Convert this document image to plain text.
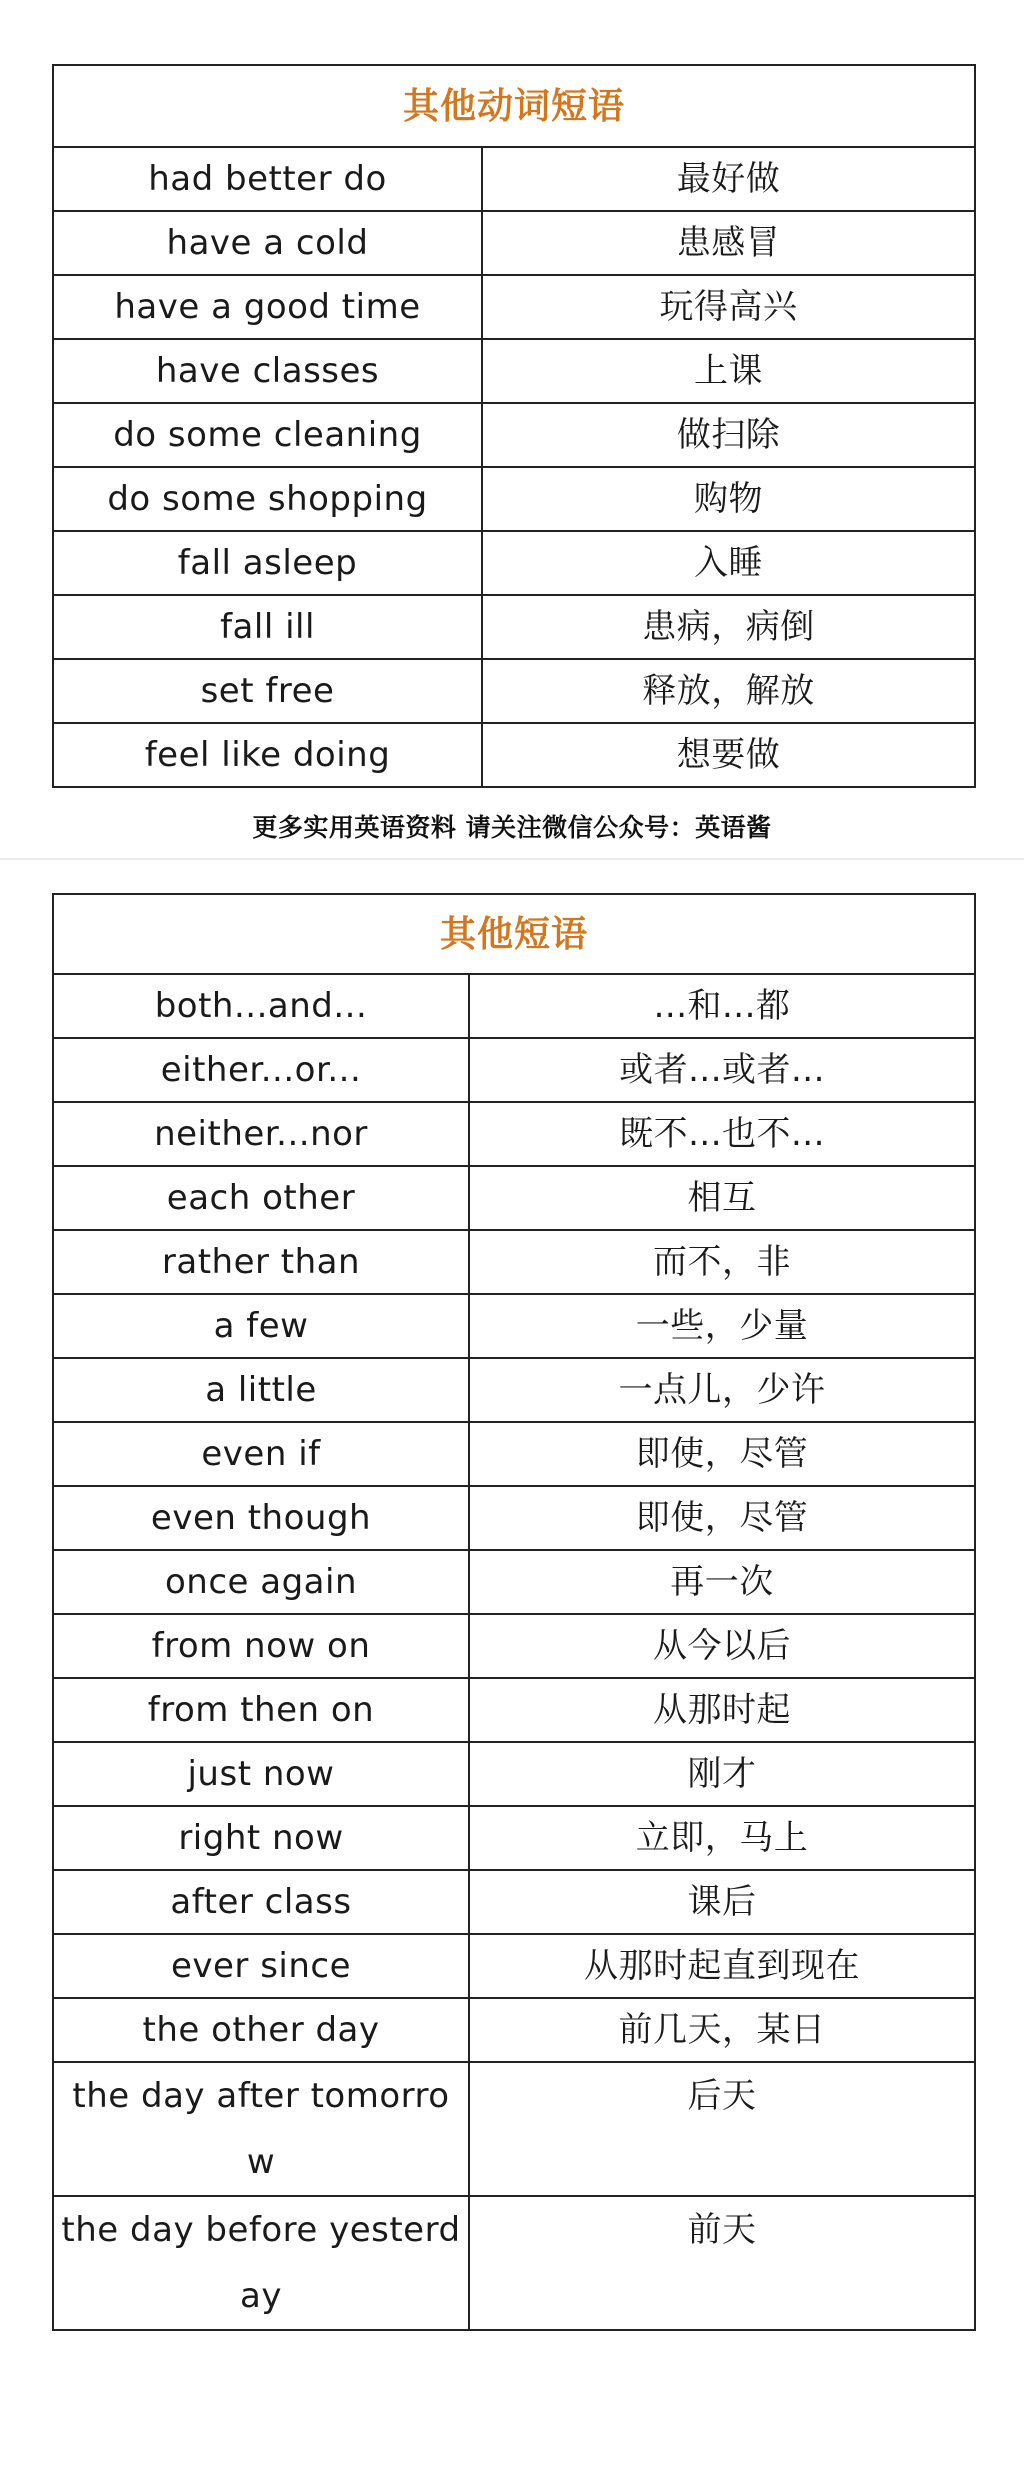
其他动词短语	
had better do	最好做
have a cold	患感冒
have a good time	玩得高兴
have classes	上课
do some cleaning	做扫除
do some shopping	购物
fall asleep	入睡
fall ill	患病，病倒
set free	释放，解放
feel like doing	想要做
更多实用英语资料 请关注微信公众号：英语酱
其他短语	
both...and...	...和...都
either...or...	或者...或者...
neither...nor	既不...也不...
each other	相互
rather than	而不，非
a few	一些，少量
a little	一点儿，少许
even if	即使，尽管
even though	即使，尽管
once again	再一次
from now on	从今以后
from then on	从那时起
just now	刚才
right now	立即，马上
after class	课后
ever since	从那时起直到现在
the other day	前几天，某日
the day after tomorrow	后天
the day before yesterday	前天
